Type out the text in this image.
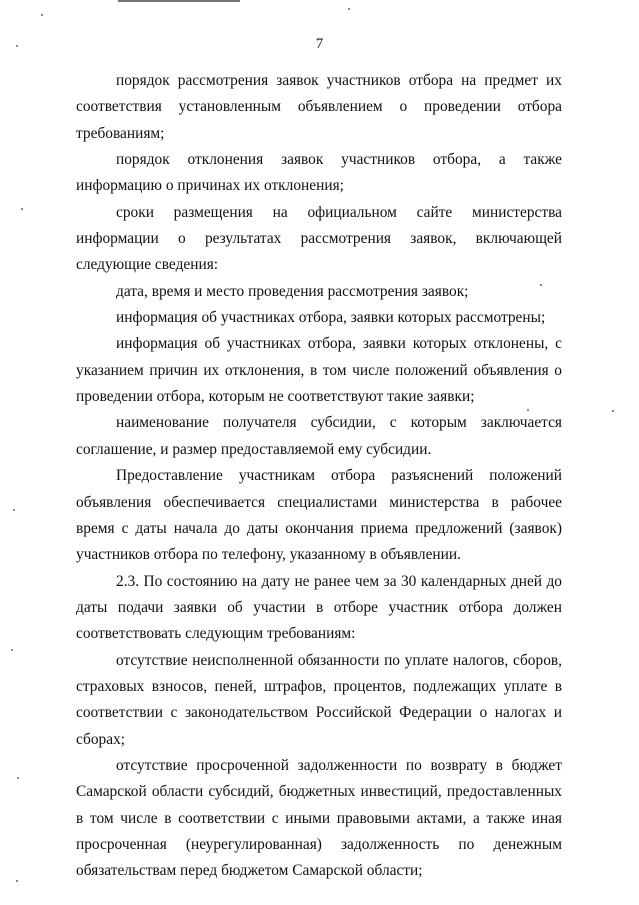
7

порядок рассмотрения заявок участников отбора на предмет их соответствия установленным объявлением о проведении отбора требованиям;

порядок отклонения заявок участников отбора, а также информацию о причинах их отклонения;

сроки размещения на официальном сайте министерства информации о результатах рассмотрения заявок, включающей следующие сведения:

дата, время и место проведения рассмотрения заявок;

информация об участниках отбора, заявки которых рассмотрены;

информация об участниках отбора, заявки которых отклонены, с указанием причин их отклонения, в том числе положений объявления о проведении отбора, которым не соответствуют такие заявки;

наименование получателя субсидии, с которым заключается соглашение, и размер предоставляемой ему субсидии.

Предоставление участникам отбора разъяснений положений объявления обеспечивается специалистами министерства в рабочее время с даты начала до даты окончания приема предложений (заявок) участников отбора по телефону, указанному в объявлении.

2.3. По состоянию на дату не ранее чем за 30 календарных дней до даты подачи заявки об участии в отборе участник отбора должен соответствовать следующим требованиям:

отсутствие неисполненной обязанности по уплате налогов, сборов, страховых взносов, пеней, штрафов, процентов, подлежащих уплате в соответствии с законодательством Российской Федерации о налогах и сборах;

отсутствие просроченной задолженности по возврату в бюджет Самарской области субсидий, бюджетных инвестиций, предоставленных в том числе в соответствии с иными правовыми актами, а также иная просроченная (неурегулированная) задолженность по денежным обязательствам перед бюджетом Самарской области;
